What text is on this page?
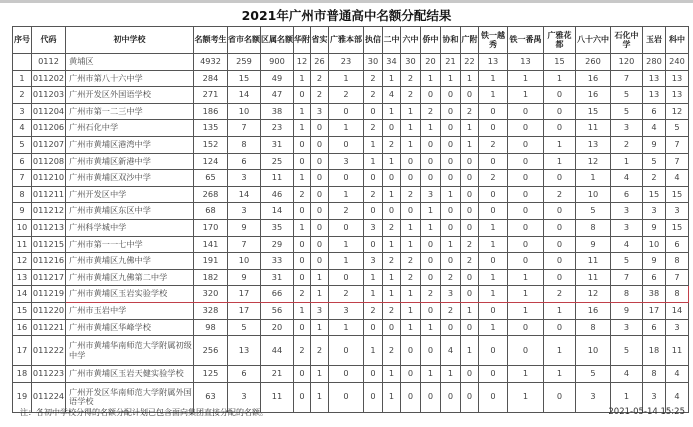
2021年广州市普通高中名额分配结果
序号	代码	初中学校	名额考生	省市名额	区属名额	华附	省实	广雅本部	执信	二中	六中	侨中	协和	广附	铁一越秀	铁一番禺	广雅花都	八十六中	石化中学	玉岩	科中
	0112	黄埔区	4932	259	900	12	26	23	30	34	30	20	21	22	13	13	15	260	120	280	240
1	011202	广州市第八十六中学	284	15	49	1	2	1	2	1	2	1	1	1	1	1	1	16	7	13	13
2	011203	广州开发区外国语学校	271	14	47	0	2	2	2	4	2	0	0	0	1	1	0	16	5	13	13
3	011204	广州市第一二三中学	186	10	38	1	3	0	0	1	1	2	0	2	0	0	0	15	5	6	12
4	011206	广州石化中学	135	7	23	1	0	1	2	0	1	1	0	1	0	0	0	11	3	4	5
5	011207	广州市黄埔区港湾中学	152	8	31	0	0	0	1	2	1	0	0	1	2	0	1	13	2	9	7
6	011208	广州市黄埔区新港中学	124	6	25	0	0	3	1	1	0	0	0	0	0	0	1	12	1	5	7
7	011210	广州市黄埔区双沙中学	65	3	11	1	0	0	0	0	0	0	0	0	2	0	0	1	4	2	4
8	011211	广州开发区中学	268	14	46	2	0	1	2	1	2	3	1	0	0	0	2	10	6	15	15
9	011212	广州市黄埔区东区中学	68	3	14	0	0	2	0	0	0	1	0	0	0	0	0	5	3	3	3
10	011213	广州科学城中学	170	9	35	1	0	0	3	2	1	1	0	0	1	0	0	8	3	9	15
11	011215	广州市第一一七中学	141	7	29	0	0	1	0	1	1	0	1	2	1	0	0	9	4	10	6
12	011216	广州市黄埔区九佛中学	191	10	33	0	0	1	3	2	2	0	0	2	0	0	0	11	5	9	8
13	011217	广州市黄埔区九佛第二中学	182	9	31	0	1	0	1	1	2	0	2	0	1	1	0	11	7	6	7
14	011219	广州市黄埔区玉岩实验学校	320	17	66	2	1	2	1	1	1	2	3	0	1	1	2	12	8	38	8
15	011220	广州市玉岩中学	328	17	56	1	3	3	2	2	1	0	2	1	0	1	1	16	9	17	14
16	011221	广州市黄埔区华峰学校	98	5	20	0	1	1	0	0	1	1	0	0	1	0	0	8	3	6	3
17	011222	广州市黄埔华南师范大学附属初级中学	256	13	44	2	2	0	1	2	0	0	4	1	0	0	1	10	5	18	11
18	011223	广州市黄埔区玉岩天健实验学校	125	6	21	0	1	0	0	1	0	1	1	0	0	1	1	5	4	8	4
19	011224	广州开发区华南师范大学附属外国语学校	63	3	11	0	1	0	0	1	0	0	0	0	0	1	0	3	1	3	4
注：各初中学校分得的名额分配计划已包含面向集团直接分配的名额。	2021-05-14 15:25
